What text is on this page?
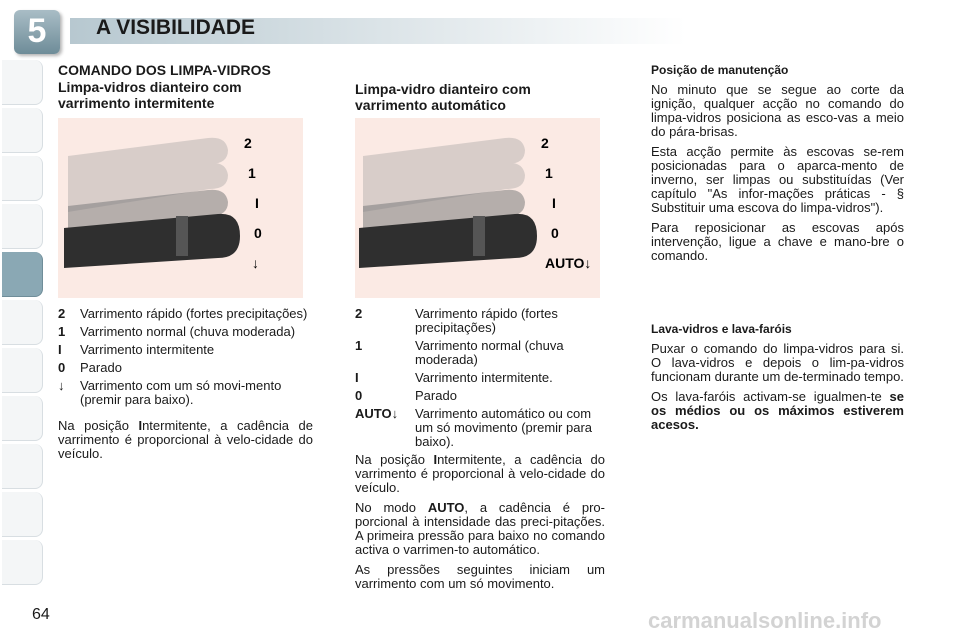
5	A VISIBILIDADE
COMANDO DOS LIMPA-VIDROS
Limpa-vidros dianteiro com varrimento intermitente
2
1
I
0
↓
2	Varrimento rápido (fortes precipitações)
1	Varrimento normal (chuva moderada)
I	Varrimento intermitente
0	Parado
↓	Varrimento com um só movi-mento (premir para baixo).

Na posição Intermitente, a cadência de varrimento é proporcional à velo-cidade do veículo.

Limpa-vidro dianteiro com varrimento automático
2
1
I
0
AUTO↓
2	Varrimento rápido (fortes precipitações)
1	Varrimento normal (chuva moderada)
I	Varrimento intermitente.
0	Parado
AUTO↓	Varrimento automático ou com um só movimento (premir para baixo).

Na posição Intermitente, a cadência do varrimento é proporcional à velo-cidade do veículo.

No modo AUTO, a cadência é pro-porcional à intensidade das preci-pitações. A primeira pressão para baixo no comando activa o varrimen-to automático.

As pressões seguintes iniciam um varrimento com um só movimento.

Posição de manutenção

No minuto que se segue ao corte da ignição, qualquer acção no comando do limpa-vidros posiciona as esco-vas a meio do pára-brisas.

Esta acção permite às escovas se-rem posicionadas para o aparca-mento de inverno, ser limpas ou substituídas (Ver capítulo "As infor-mações práticas - § Substituir uma escova do limpa-vidros").

Para reposicionar as escovas após intervenção, ligue a chave e mano-bre o comando.

Lava-vidros e lava-faróis

Puxar o comando do limpa-vidros para si. O lava-vidros e depois o lim-pa-vidros funcionam durante um de-terminado tempo.

Os lava-faróis activam-se igualmen-te se os médios ou os máximos estiverem acesos.

64	carmanualsonline.info
